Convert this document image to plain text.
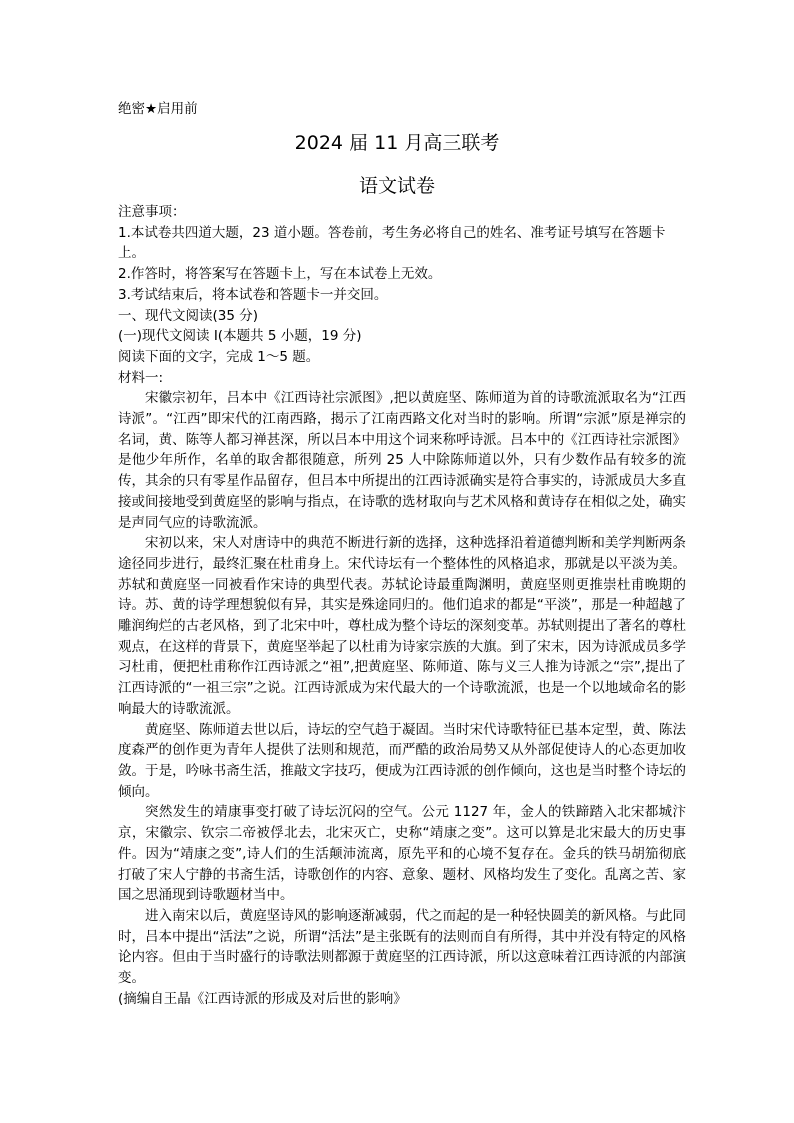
绝密★启用前
2024 届 11 月高三联考
语文试卷

注意事项：

1.本试卷共四道大题，23 道小题。答卷前，考生务必将自己的姓名、准考证号填写在答题卡上。

2.作答时，将答案写在答题卡上，写在本试卷上无效。

3.考试结束后，将本试卷和答题卡一并交回。

一、现代文阅读(35 分)

(一)现代文阅读 I(本题共 5 小题，19 分)

阅读下面的文字，完成 1～5 题。

材料一:

宋徽宗初年，吕本中《江西诗社宗派图》,把以黄庭坚、陈师道为首的诗歌流派取名为“江西诗派”。“江西”即宋代的江南西路，揭示了江南西路文化对当时的影响。所谓“宗派”原是禅宗的名词，黄、陈等人都习禅甚深，所以吕本中用这个词来称呼诗派。吕本中的《江西诗社宗派图》是他少年所作，名单的取舍都很随意，所列 25 人中除陈师道以外，只有少数作品有较多的流传，其余的只有零星作品留存，但吕本中所提出的江西诗派确实是符合事实的，诗派成员大多直接或间接地受到黄庭坚的影响与指点，在诗歌的选材取向与艺术风格和黄诗存在相似之处，确实是声同气应的诗歌流派。

宋初以来，宋人对唐诗中的典范不断进行新的选择，这种选择沿着道德判断和美学判断两条途径同步进行，最终汇聚在杜甫身上。宋代诗坛有一个整体性的风格追求，那就是以平淡为美。苏轼和黄庭坚一同被看作宋诗的典型代表。苏轼论诗最重陶渊明，黄庭坚则更推崇杜甫晚期的诗。苏、黄的诗学理想貌似有异，其实是殊途同归的。他们追求的都是“平淡”，那是一种超越了雕润绚烂的古老风格，到了北宋中叶，尊杜成为整个诗坛的深刻变革。苏轼则提出了著名的尊杜观点，在这样的背景下，黄庭坚举起了以杜甫为诗家宗族的大旗。到了宋末，因为诗派成员多学习杜甫，便把杜甫称作江西诗派之“祖”,把黄庭坚、陈师道、陈与义三人推为诗派之“宗”,提出了江西诗派的“一祖三宗”之说。江西诗派成为宋代最大的一个诗歌流派，也是一个以地域命名的影响最大的诗歌流派。

黄庭坚、陈师道去世以后，诗坛的空气趋于凝固。当时宋代诗歌特征已基本定型，黄、陈法度森严的创作更为青年人提供了法则和规范，而严酷的政治局势又从外部促使诗人的心态更加收敛。于是，吟咏书斋生活，推敲文字技巧，便成为江西诗派的创作倾向，这也是当时整个诗坛的倾向。

突然发生的靖康事变打破了诗坛沉闷的空气。公元 1127 年，金人的铁蹄踏入北宋都城汴京，宋徽宗、钦宗二帝被俘北去，北宋灭亡，史称“靖康之变”。这可以算是北宋最大的历史事件。因为“靖康之变”,诗人们的生活颠沛流离，原先平和的心境不复存在。金兵的铁马胡笳彻底打破了宋人宁静的书斋生活，诗歌创作的内容、意象、题材、风格均发生了变化。乱离之苦、家国之思涌现到诗歌题材当中。

进入南宋以后，黄庭坚诗风的影响逐渐减弱，代之而起的是一种轻快圆美的新风格。与此同时，吕本中提出“活法”之说，所谓“活法”是主张既有的法则而自有所得，其中并没有特定的风格论内容。但由于当时盛行的诗歌法则都源于黄庭坚的江西诗派，所以这意味着江西诗派的内部演变。

(摘编自王晶《江西诗派的形成及对后世的影响》
